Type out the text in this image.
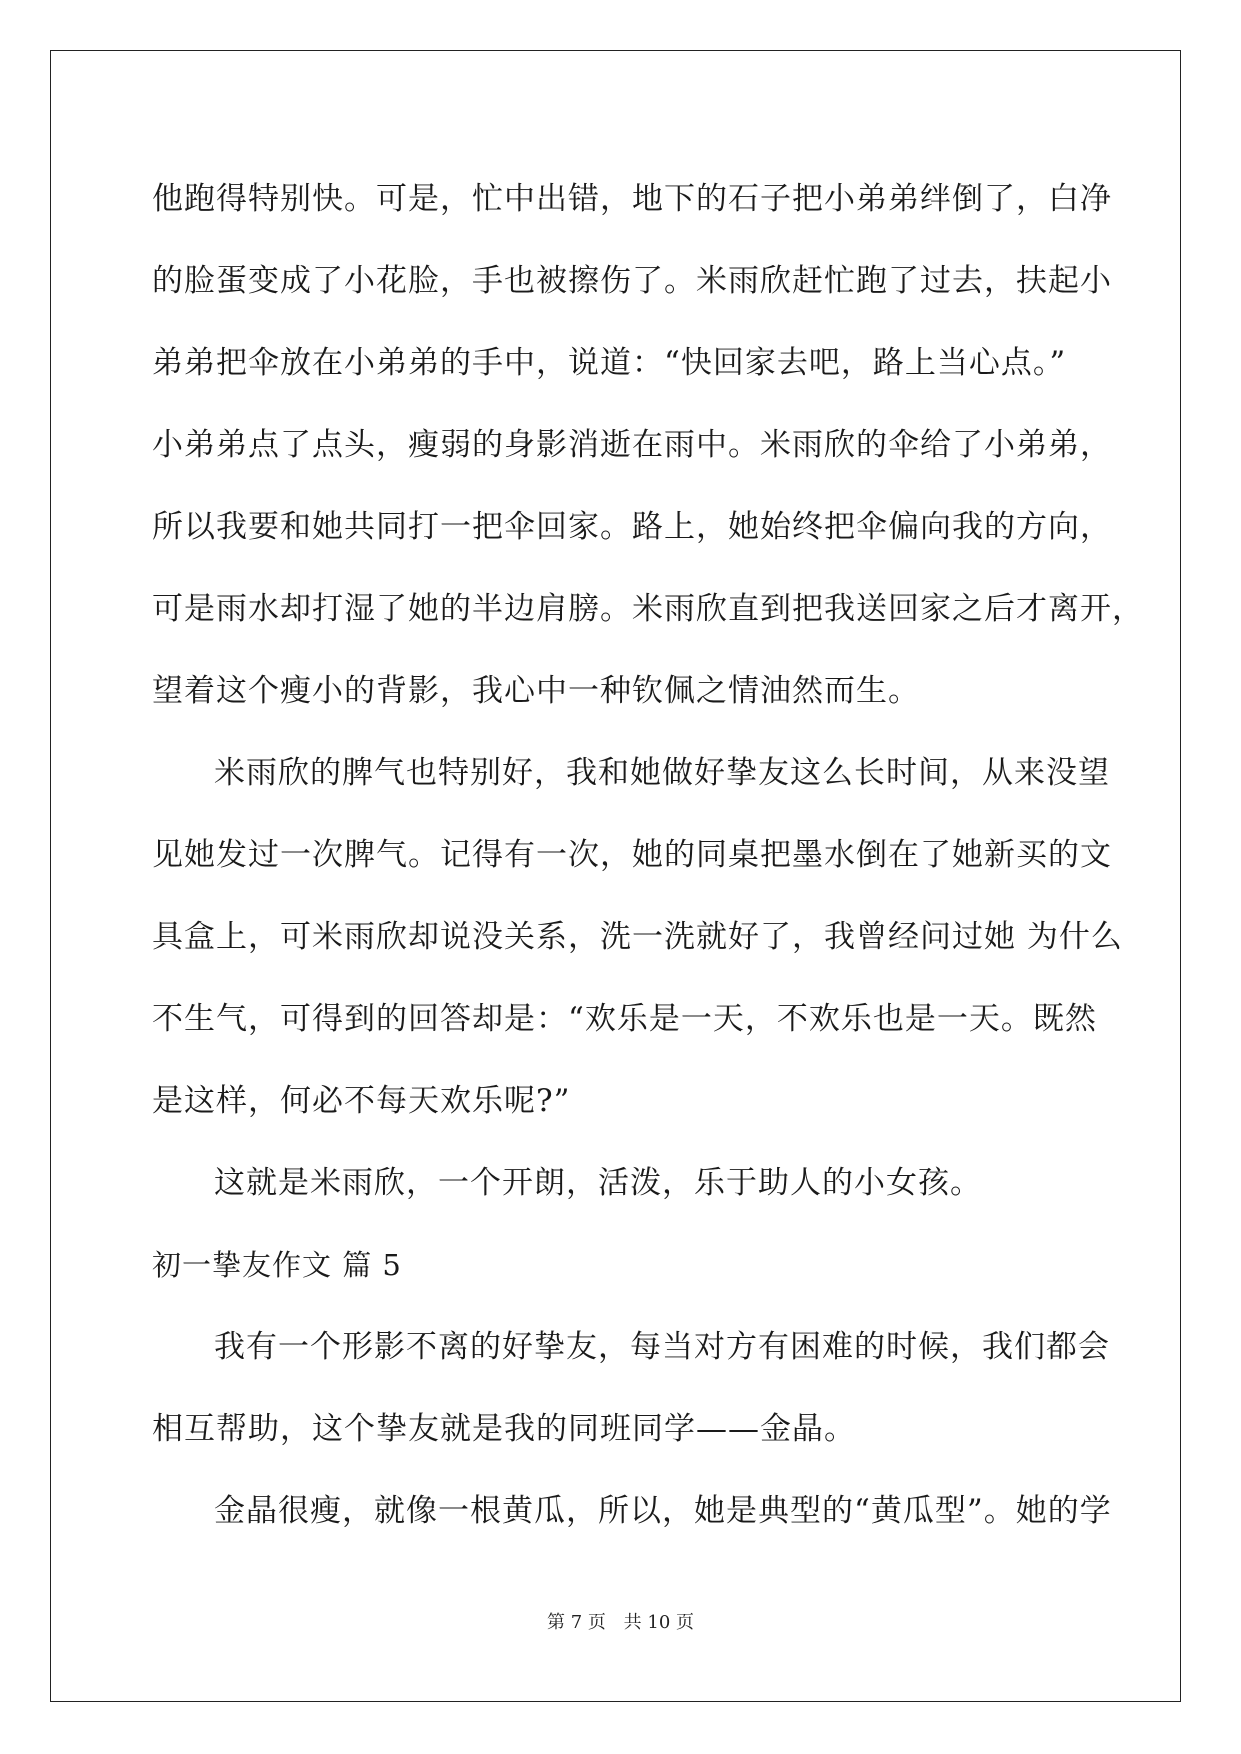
他跑得特别快。可是，忙中出错，地下的石子把小弟弟绊倒了，白净
的脸蛋变成了小花脸，手也被擦伤了。米雨欣赶忙跑了过去，扶起小
弟弟把伞放在小弟弟的手中，说道：“快回家去吧，路上当心点。”
小弟弟点了点头，瘦弱的身影消逝在雨中。米雨欣的伞给了小弟弟，
所以我要和她共同打一把伞回家。路上，她始终把伞偏向我的方向，
可是雨水却打湿了她的半边肩膀。米雨欣直到把我送回家之后才离开，
望着这个瘦小的背影，我心中一种钦佩之情油然而生。
米雨欣的脾气也特别好，我和她做好挚友这么长时间，从来没望
见她发过一次脾气。记得有一次，她的同桌把墨水倒在了她新买的文
具盒上，可米雨欣却说没关系，洗一洗就好了，我曾经问过她 为什么
不生气，可得到的回答却是：“欢乐是一天，不欢乐也是一天。既然
是这样，何必不每天欢乐呢?”
这就是米雨欣，一个开朗，活泼，乐于助人的小女孩。
初一挚友作文 篇 5
我有一个形影不离的好挚友，每当对方有困难的时候，我们都会
相互帮助，这个挚友就是我的同班同学——金晶。
金晶很瘦，就像一根黄瓜，所以，她是典型的“黄瓜型”。她的学
第 7 页 共 10 页
